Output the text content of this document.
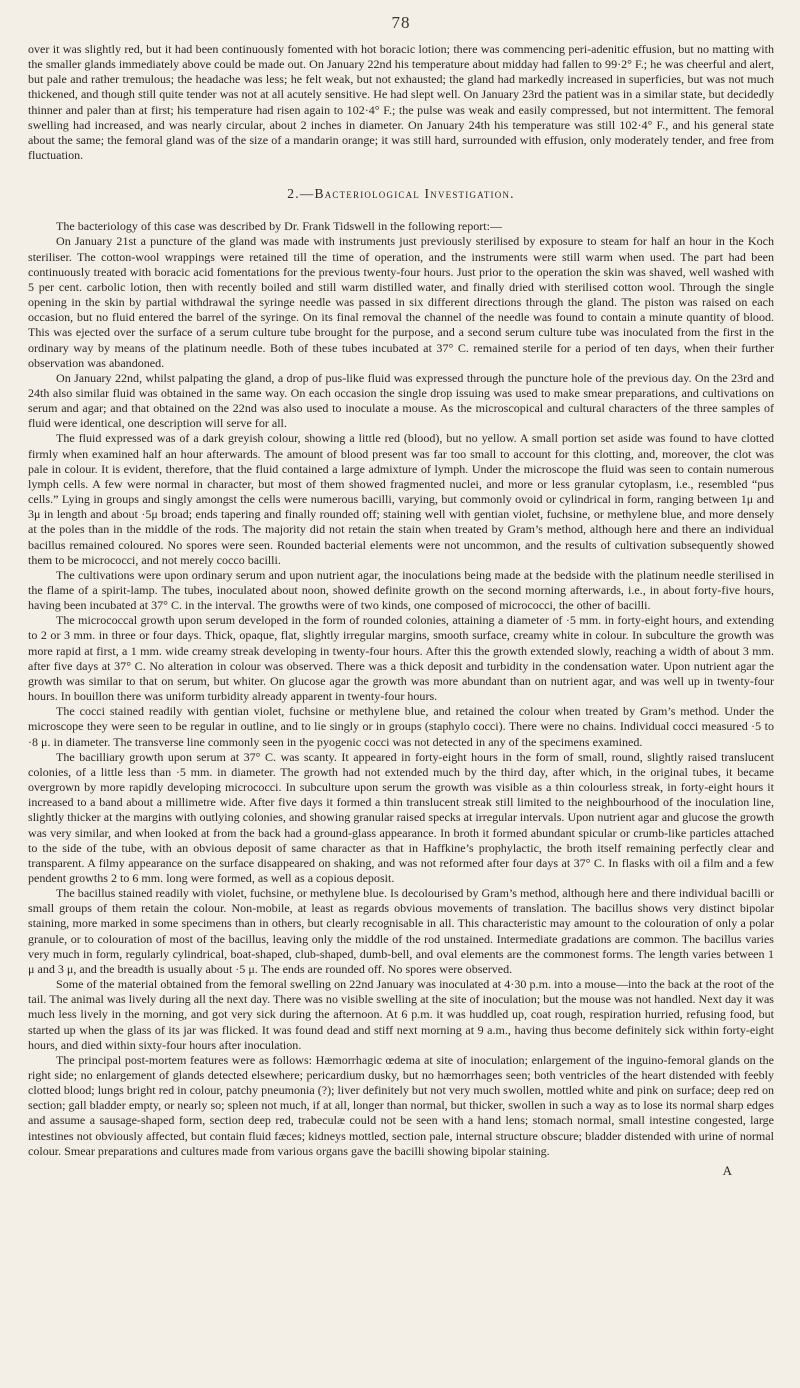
78

over it was slightly red, but it had been continuously fomented with hot boracic lotion; there was commencing peri-adenitic effusion, but no matting with the smaller glands immediately above could be made out. On January 22nd his temperature about midday had fallen to 99·2° F.; he was cheerful and alert, but pale and rather tremulous; the headache was less; he felt weak, but not exhausted; the gland had markedly increased in superficies, but was not much thickened, and though still quite tender was not at all acutely sensitive. He had slept well. On January 23rd the patient was in a similar state, but decidedly thinner and paler than at first; his temperature had risen again to 102·4° F.; the pulse was weak and easily compressed, but not intermittent. The femoral swelling had increased, and was nearly circular, about 2 inches in diameter. On January 24th his temperature was still 102·4° F., and his general state about the same; the femoral gland was of the size of a mandarin orange; it was still hard, surrounded with effusion, only moderately tender, and free from fluctuation.

2.—Bacteriological Investigation.

The bacteriology of this case was described by Dr. Frank Tidswell in the following report:—

On January 21st a puncture of the gland was made with instruments just previously sterilised by exposure to steam for half an hour in the Koch steriliser. The cotton-wool wrappings were retained till the time of operation, and the instruments were still warm when used. The part had been continuously treated with boracic acid fomentations for the previous twenty-four hours. Just prior to the operation the skin was shaved, well washed with 5 per cent. carbolic lotion, then with recently boiled and still warm distilled water, and finally dried with sterilised cotton wool. Through the single opening in the skin by partial withdrawal the syringe needle was passed in six different directions through the gland. The piston was raised on each occasion, but no fluid entered the barrel of the syringe. On its final removal the channel of the needle was found to contain a minute quantity of blood. This was ejected over the surface of a serum culture tube brought for the purpose, and a second serum culture tube was inoculated from the first in the ordinary way by means of the platinum needle. Both of these tubes incubated at 37° C. remained sterile for a period of ten days, when their further observation was abandoned.

On January 22nd, whilst palpating the gland, a drop of pus-like fluid was expressed through the puncture hole of the previous day. On the 23rd and 24th also similar fluid was obtained in the same way. On each occasion the single drop issuing was used to make smear preparations, and cultivations on serum and agar; and that obtained on the 22nd was also used to inoculate a mouse. As the microscopical and cultural characters of the three samples of fluid were identical, one description will serve for all.

The fluid expressed was of a dark greyish colour, showing a little red (blood), but no yellow. A small portion set aside was found to have clotted firmly when examined half an hour afterwards. The amount of blood present was far too small to account for this clotting, and, moreover, the clot was pale in colour. It is evident, therefore, that the fluid contained a large admixture of lymph. Under the microscope the fluid was seen to contain numerous lymph cells. A few were normal in character, but most of them showed fragmented nuclei, and more or less granular cytoplasm, i.e., resembled “pus cells.” Lying in groups and singly amongst the cells were numerous bacilli, varying, but commonly ovoid or cylindrical in form, ranging between 1μ and 3μ in length and about ·5μ broad; ends tapering and finally rounded off; staining well with gentian violet, fuchsine, or methylene blue, and more densely at the poles than in the middle of the rods. The majority did not retain the stain when treated by Gram’s method, although here and there an individual bacillus remained coloured. No spores were seen. Rounded bacterial elements were not uncommon, and the results of cultivation subsequently showed them to be micrococci, and not merely cocco bacilli.

The cultivations were upon ordinary serum and upon nutrient agar, the inoculations being made at the bedside with the platinum needle sterilised in the flame of a spirit-lamp. The tubes, inoculated about noon, showed definite growth on the second morning afterwards, i.e., in about forty-five hours, having been incubated at 37° C. in the interval. The growths were of two kinds, one composed of micrococci, the other of bacilli.

The micrococcal growth upon serum developed in the form of rounded colonies, attaining a diameter of ·5 mm. in forty-eight hours, and extending to 2 or 3 mm. in three or four days. Thick, opaque, flat, slightly irregular margins, smooth surface, creamy white in colour. In subculture the growth was more rapid at first, a 1 mm. wide creamy streak developing in twenty-four hours. After this the growth extended slowly, reaching a width of about 3 mm. after five days at 37° C. No alteration in colour was observed. There was a thick deposit and turbidity in the condensation water. Upon nutrient agar the growth was similar to that on serum, but whiter. On glucose agar the growth was more abundant than on nutrient agar, and was well up in twenty-four hours. In bouillon there was uniform turbidity already apparent in twenty-four hours.

The cocci stained readily with gentian violet, fuchsine or methylene blue, and retained the colour when treated by Gram’s method. Under the microscope they were seen to be regular in outline, and to lie singly or in groups (staphylo cocci). There were no chains. Individual cocci measured ·5 to ·8 μ. in diameter. The transverse line commonly seen in the pyogenic cocci was not detected in any of the specimens examined.

The bacilliary growth upon serum at 37° C. was scanty. It appeared in forty-eight hours in the form of small, round, slightly raised translucent colonies, of a little less than ·5 mm. in diameter. The growth had not extended much by the third day, after which, in the original tubes, it became overgrown by more rapidly developing micrococci. In subculture upon serum the growth was visible as a thin colourless streak, in forty-eight hours it increased to a band about a millimetre wide. After five days it formed a thin translucent streak still limited to the neighbourhood of the inoculation line, slightly thicker at the margins with outlying colonies, and showing granular raised specks at irregular intervals. Upon nutrient agar and glucose the growth was very similar, and when looked at from the back had a ground-glass appearance. In broth it formed abundant spicular or crumb-like particles attached to the side of the tube, with an obvious deposit of same character as that in Haffkine’s prophylactic, the broth itself remaining perfectly clear and transparent. A filmy appearance on the surface disappeared on shaking, and was not reformed after four days at 37° C. In flasks with oil a film and a few pendent growths 2 to 6 mm. long were formed, as well as a copious deposit.

The bacillus stained readily with violet, fuchsine, or methylene blue. Is decolourised by Gram’s method, although here and there individual bacilli or small groups of them retain the colour. Non-mobile, at least as regards obvious movements of translation. The bacillus shows very distinct bipolar staining, more marked in some specimens than in others, but clearly recognisable in all. This characteristic may amount to the colouration of only a polar granule, or to colouration of most of the bacillus, leaving only the middle of the rod unstained. Intermediate gradations are common. The bacillus varies very much in form, regularly cylindrical, boat-shaped, club-shaped, dumb-bell, and oval elements are the commonest forms. The length varies between 1 μ and 3 μ, and the breadth is usually about ·5 μ. The ends are rounded off. No spores were observed.

Some of the material obtained from the femoral swelling on 22nd January was inoculated at 4·30 p.m. into a mouse—into the back at the root of the tail. The animal was lively during all the next day. There was no visible swelling at the site of inoculation; but the mouse was not handled. Next day it was much less lively in the morning, and got very sick during the afternoon. At 6 p.m. it was huddled up, coat rough, respiration hurried, refusing food, but started up when the glass of its jar was flicked. It was found dead and stiff next morning at 9 a.m., having thus become definitely sick within forty-eight hours, and died within sixty-four hours after inoculation.

The principal post-mortem features were as follows: Hæmorrhagic œdema at site of inoculation; enlargement of the inguino-femoral glands on the right side; no enlargement of glands detected elsewhere; pericardium dusky, but no hæmorrhages seen; both ventricles of the heart distended with feebly clotted blood; lungs bright red in colour, patchy pneumonia (?); liver definitely but not very much swollen, mottled white and pink on surface; deep red on section; gall bladder empty, or nearly so; spleen not much, if at all, longer than normal, but thicker, swollen in such a way as to lose its normal sharp edges and assume a sausage-shaped form, section deep red, trabeculæ could not be seen with a hand lens; stomach normal, small intestine congested, large intestines not obviously affected, but contain fluid fæces; kidneys mottled, section pale, internal structure obscure; bladder distended with urine of normal colour. Smear preparations and cultures made from various organs gave the bacilli showing bipolar staining.

A
